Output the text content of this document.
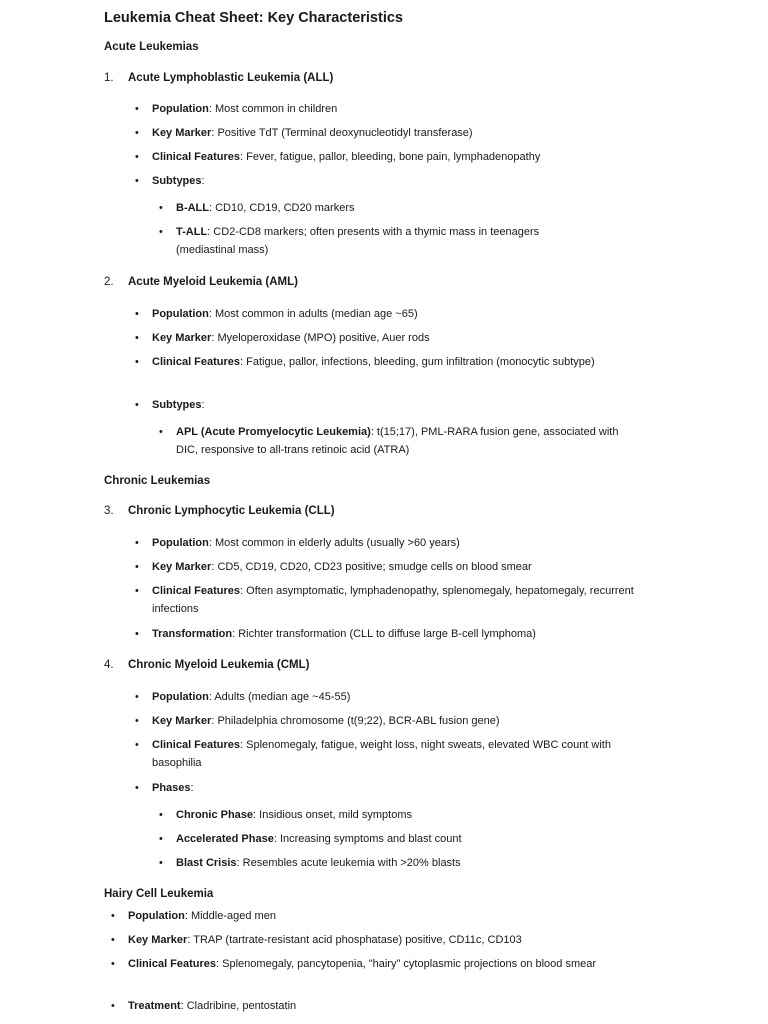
Leukemia Cheat Sheet: Key Characteristics
Acute Leukemias
1. Acute Lymphoblastic Leukemia (ALL)
• Population: Most common in children
• Key Marker: Positive TdT (Terminal deoxynucleotidyl transferase)
• Clinical Features: Fever, fatigue, pallor, bleeding, bone pain, lymphadenopathy
• Subtypes:
• B-ALL: CD10, CD19, CD20 markers
• T-ALL: CD2-CD8 markers; often presents with a thymic mass in teenagers (mediastinal mass)
2. Acute Myeloid Leukemia (AML)
• Population: Most common in adults (median age ~65)
• Key Marker: Myeloperoxidase (MPO) positive, Auer rods
• Clinical Features: Fatigue, pallor, infections, bleeding, gum infiltration (monocytic subtype)
• Subtypes:
• APL (Acute Promyelocytic Leukemia): t(15;17), PML-RARA fusion gene, associated with DIC, responsive to all-trans retinoic acid (ATRA)
Chronic Leukemias
3. Chronic Lymphocytic Leukemia (CLL)
• Population: Most common in elderly adults (usually >60 years)
• Key Marker: CD5, CD19, CD20, CD23 positive; smudge cells on blood smear
• Clinical Features: Often asymptomatic, lymphadenopathy, splenomegaly, hepatomegaly, recurrent infections
• Transformation: Richter transformation (CLL to diffuse large B-cell lymphoma)
4. Chronic Myeloid Leukemia (CML)
• Population: Adults (median age ~45-55)
• Key Marker: Philadelphia chromosome (t(9;22), BCR-ABL fusion gene)
• Clinical Features: Splenomegaly, fatigue, weight loss, night sweats, elevated WBC count with basophilia
• Phases:
• Chronic Phase: Insidious onset, mild symptoms
• Accelerated Phase: Increasing symptoms and blast count
• Blast Crisis: Resembles acute leukemia with >20% blasts
Hairy Cell Leukemia
• Population: Middle-aged men
• Key Marker: TRAP (tartrate-resistant acid phosphatase) positive, CD11c, CD103
• Clinical Features: Splenomegaly, pancytopenia, "hairy" cytoplasmic projections on blood smear
• Treatment: Cladribine, pentostatin
